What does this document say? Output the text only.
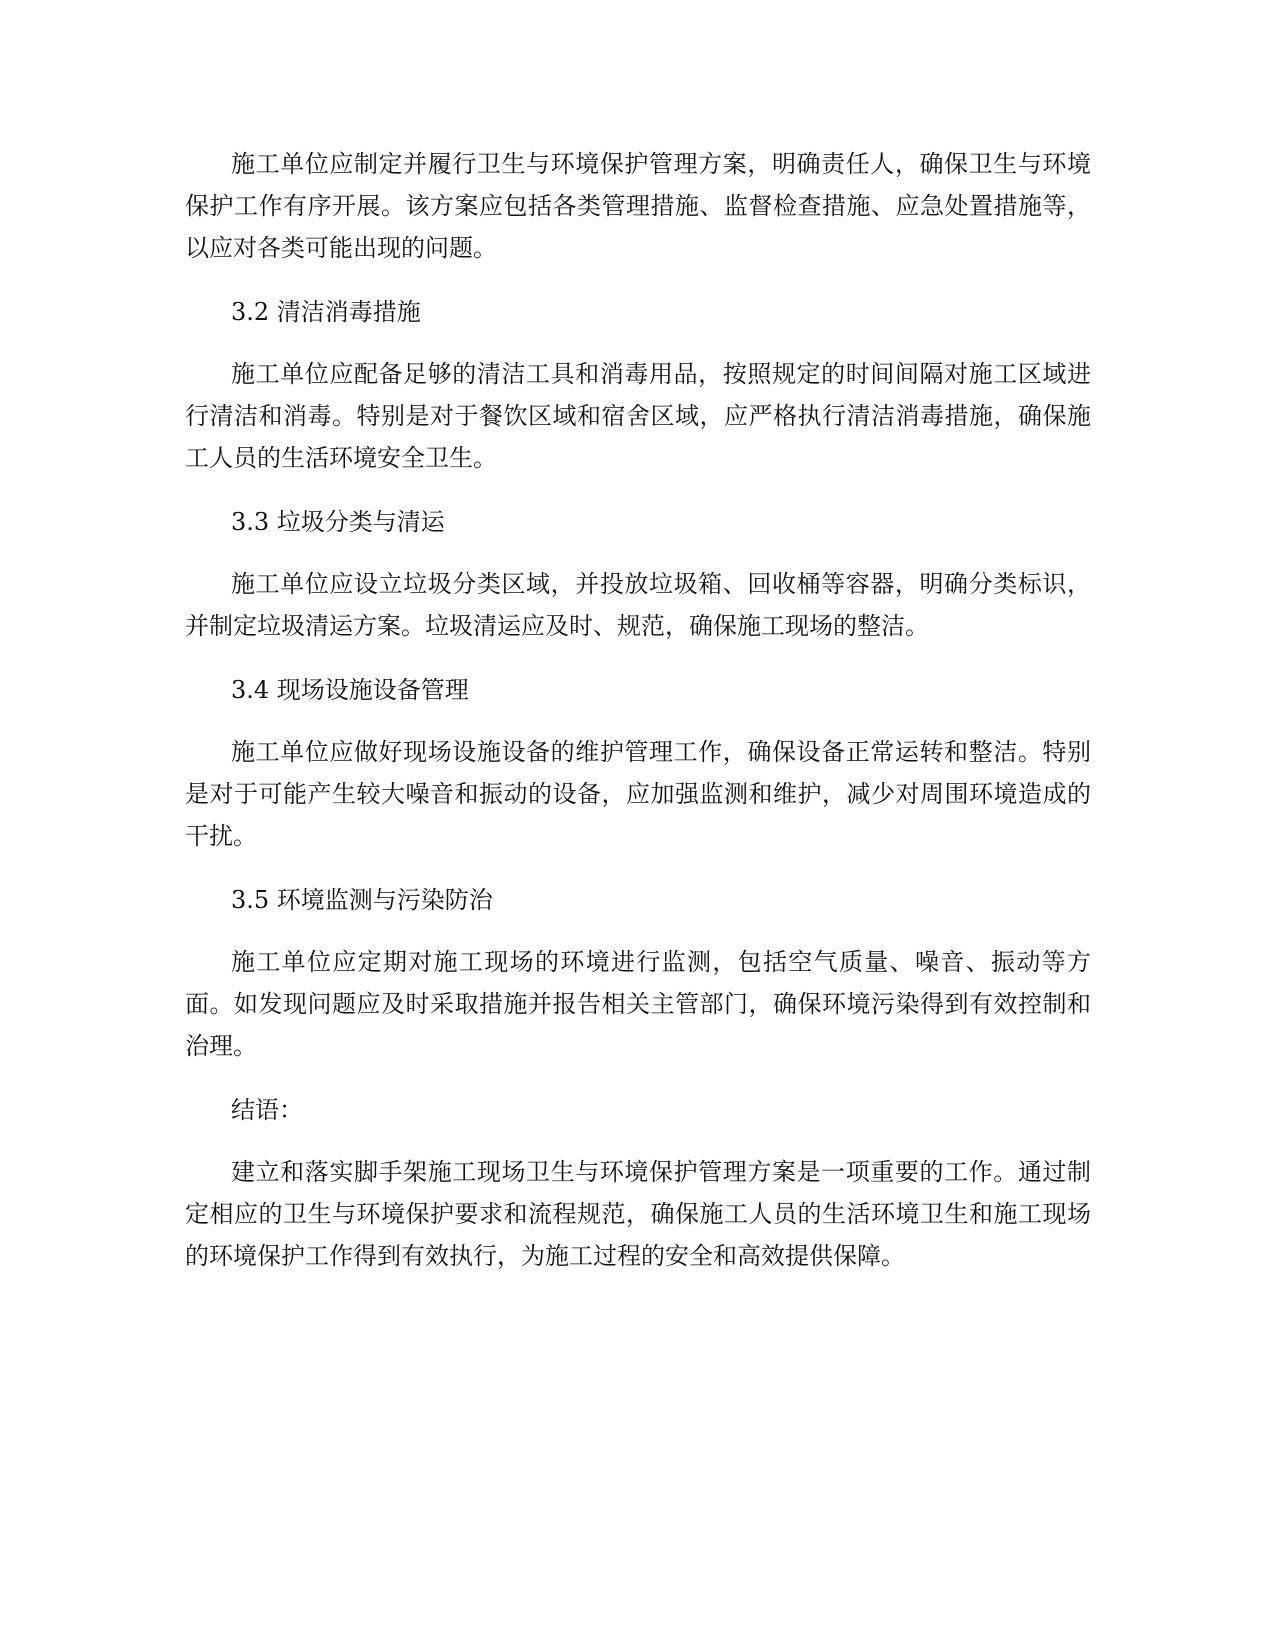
施工单位应制定并履行卫生与环境保护管理方案，明确责任人，确保卫生与环境保护工作有序开展。该方案应包括各类管理措施、监督检查措施、应急处置措施等，以应对各类可能出现的问题。

3.2 清洁消毒措施

施工单位应配备足够的清洁工具和消毒用品，按照规定的时间间隔对施工区域进行清洁和消毒。特别是对于餐饮区域和宿舍区域，应严格执行清洁消毒措施，确保施工人员的生活环境安全卫生。

3.3 垃圾分类与清运

施工单位应设立垃圾分类区域，并投放垃圾箱、回收桶等容器，明确分类标识，并制定垃圾清运方案。垃圾清运应及时、规范，确保施工现场的整洁。

3.4 现场设施设备管理

施工单位应做好现场设施设备的维护管理工作，确保设备正常运转和整洁。特别是对于可能产生较大噪音和振动的设备，应加强监测和维护，减少对周围环境造成的干扰。

3.5 环境监测与污染防治

施工单位应定期对施工现场的环境进行监测，包括空气质量、噪音、振动等方面。如发现问题应及时采取措施并报告相关主管部门，确保环境污染得到有效控制和治理。

结语：

建立和落实脚手架施工现场卫生与环境保护管理方案是一项重要的工作。通过制定相应的卫生与环境保护要求和流程规范，确保施工人员的生活环境卫生和施工现场的环境保护工作得到有效执行，为施工过程的安全和高效提供保障。
